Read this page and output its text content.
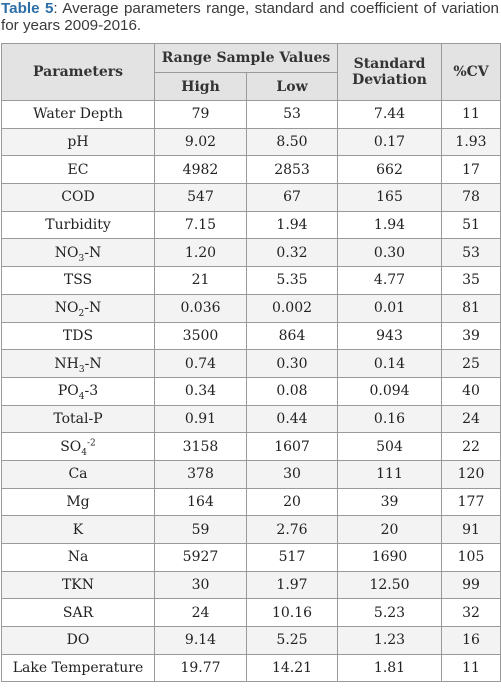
Table 5: Average parameters range, standard and coefficient of variation for years 2009-2016.

Parameters	Range Sample Values		Standard Deviation	%CV
	High	Low		
Water Depth	79	53	7.44	11
pH	9.02	8.50	0.17	1.93
EC	4982	2853	662	17
COD	547	67	165	78
Turbidity	7.15	1.94	1.94	51
$NO_3-N$	1.20	0.32	0.30	53
TSS	21	5.35	4.77	35
$NO_2-N$	0.036	0.002	0.01	81
TDS	3500	864	943	39
$NH_3-N$	0.74	0.30	0.14	25
$PO_4-3$	0.34	0.08	0.094	40
Total-P	0.91	0.44	0.16	24
$SO_4^{-2}$	3158	1607	504	22
Ca	378	30	111	120
Mg	164	20	39	177
K	59	2.76	20	91
Na	5927	517	1690	105
TKN	30	1.97	12.50	99
SAR	24	10.16	5.23	32
DO	9.14	5.25	1.23	16
Lake Temperature	19.77	14.21	1.81	11
